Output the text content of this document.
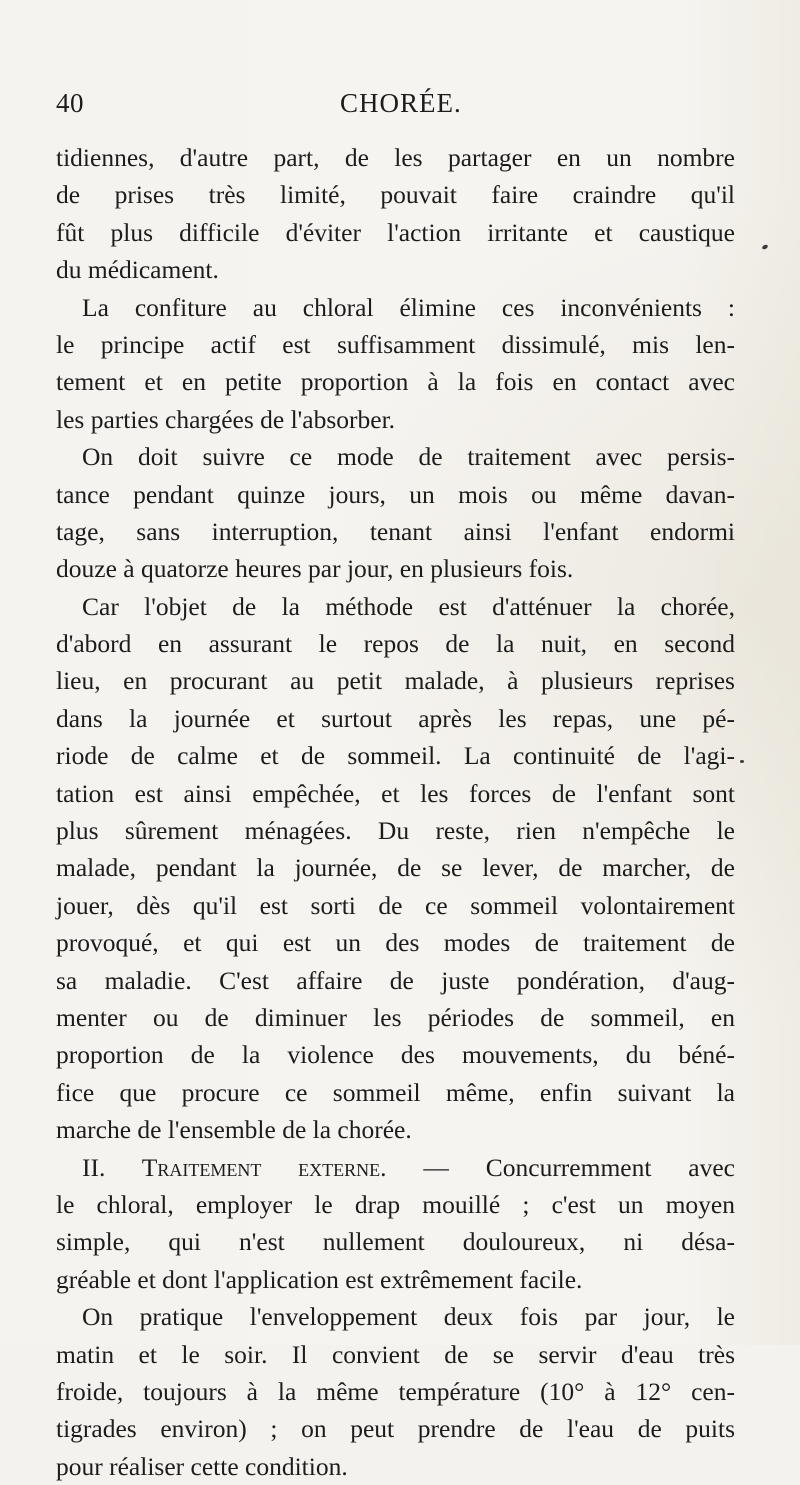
40	CHORÉE.
tidiennes, d'autre part, de les partager en un nombre
de prises très limité, pouvait faire craindre qu'il
fût plus difficile d'éviter l'action irritante et caustique
du médicament.
La confiture au chloral élimine ces inconvénients :
le principe actif est suffisamment dissimulé, mis len-
tement et en petite proportion à la fois en contact avec
les parties chargées de l'absorber.
On doit suivre ce mode de traitement avec persis-
tance pendant quinze jours, un mois ou même davan-
tage, sans interruption, tenant ainsi l'enfant endormi
douze à quatorze heures par jour, en plusieurs fois.
Car l'objet de la méthode est d'atténuer la chorée,
d'abord en assurant le repos de la nuit, en second
lieu, en procurant au petit malade, à plusieurs reprises
dans la journée et surtout après les repas, une pé-
riode de calme et de sommeil. La continuité de l'agi-
tation est ainsi empêchée, et les forces de l'enfant sont
plus sûrement ménagées. Du reste, rien n'empêche le
malade, pendant la journée, de se lever, de marcher, de
jouer, dès qu'il est sorti de ce sommeil volontairement
provoqué, et qui est un des modes de traitement de
sa maladie. C'est affaire de juste pondération, d'aug-
menter ou de diminuer les périodes de sommeil, en
proportion de la violence des mouvements, du béné-
fice que procure ce sommeil même, enfin suivant la
marche de l'ensemble de la chorée.
II. Traitement externe. — Concurremment avec
le chloral, employer le drap mouillé ; c'est un moyen
simple, qui n'est nullement douloureux, ni désa-
gréable et dont l'application est extrêmement facile.
On pratique l'enveloppement deux fois par jour, le
matin et le soir. Il convient de se servir d'eau très
froide, toujours à la même température (10° à 12° cen-
tigrades environ) ; on peut prendre de l'eau de puits
pour réaliser cette condition.
